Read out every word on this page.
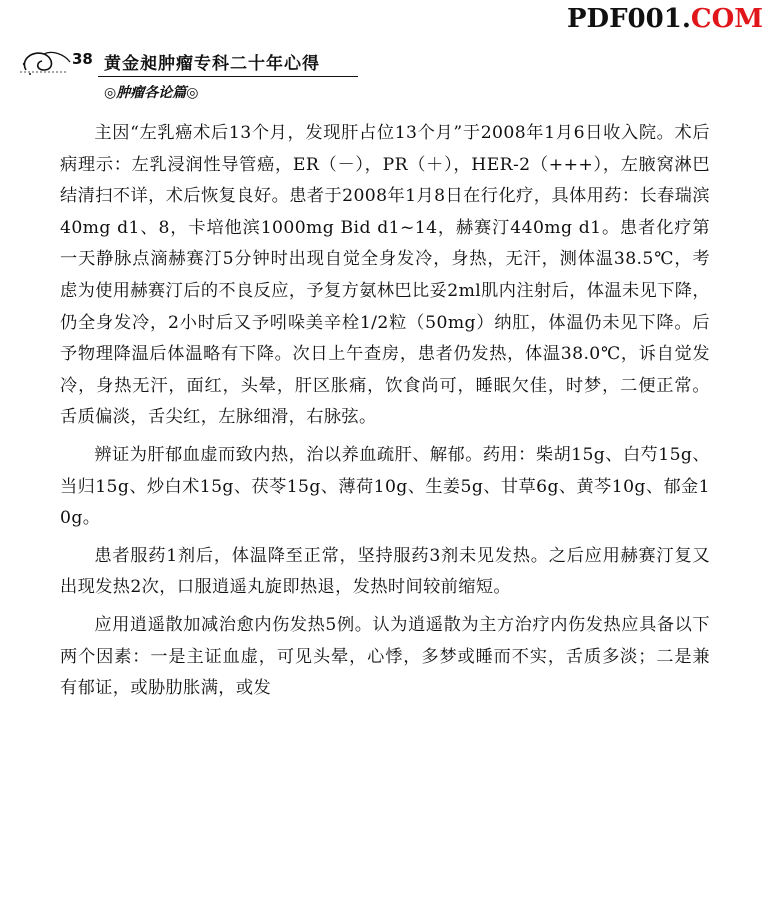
PDF001.COM
38 黄金昶肿瘤专科二十年心得
◎肿瘤各论篇◎

主因“左乳癌术后13个月，发现肝占位13个月”于2008年1月6日收入院。术后病理示：左乳浸润性导管癌，ER（－），PR（＋），HER-2（+++），左腋窝淋巴结清扫不详，术后恢复良好。患者于2008年1月8日在行化疗，具体用药：长春瑞滨40mg d1、8，卡培他滨1000mg Bid d1~14，赫赛汀440mg d1。患者化疗第一天静脉点滴赫赛汀5分钟时出现自觉全身发冷，身热，无汗，测体温38.5℃，考虑为使用赫赛汀后的不良反应，予复方氨林巴比妥2ml肌内注射后，体温未见下降，仍全身发冷，2小时后又予吲哚美辛栓1/2粒（50mg）纳肛，体温仍未见下降。后予物理降温后体温略有下降。次日上午查房，患者仍发热，体温38.0℃，诉自觉发冷，身热无汗，面红，头晕，肝区胀痛，饮食尚可，睡眠欠佳，时梦，二便正常。舌质偏淡，舌尖红，左脉细滑，右脉弦。

辨证为肝郁血虚而致内热，治以养血疏肝、解郁。药用：柴胡15g、白芍15g、当归15g、炒白术15g、茯苓15g、薄荷10g、生姜5g、甘草6g、黄芩10g、郁金10g。

患者服药1剂后，体温降至正常，坚持服药3剂未见发热。之后应用赫赛汀复又出现发热2次，口服逍遥丸旋即热退，发热时间较前缩短。

应用逍遥散加减治愈内伤发热5例。认为逍遥散为主方治疗内伤发热应具备以下两个因素：一是主证血虚，可见头晕，心悸，多梦或睡而不实，舌质多淡；二是兼有郁证，或胁肋胀满，或发
